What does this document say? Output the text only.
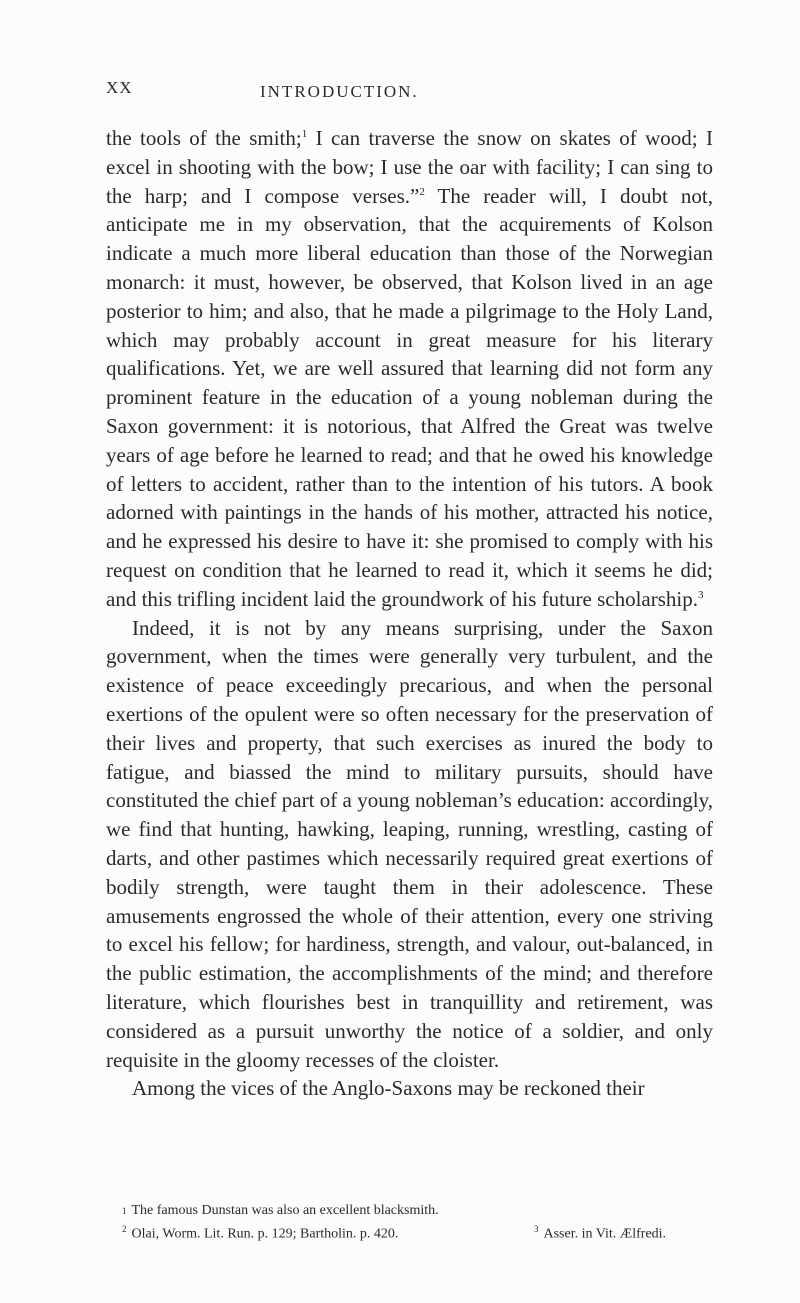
XX	INTRODUCTION.

the tools of the smith;$^1$ I can traverse the snow on skates of wood; I excel in shooting with the bow; I use the oar with facility; I can sing to the harp; and I compose verses.”$^2$ The reader will, I doubt not, anticipate me in my observation, that the acquirements of Kolson indicate a much more liberal education than those of the Norwegian monarch: it must, however, be observed, that Kolson lived in an age posterior to him; and also, that he made a pilgrimage to the Holy Land, which may probably account in great measure for his literary qualifications. Yet, we are well assured that learning did not form any prominent feature in the education of a young nobleman during the Saxon government: it is notorious, that Alfred the Great was twelve years of age before he learned to read; and that he owed his knowledge of letters to accident, rather than to the intention of his tutors. A book adorned with paintings in the hands of his mother, attracted his notice, and he expressed his desire to have it: she promised to comply with his request on condition that he learned to read it, which it seems he did; and this trifling incident laid the groundwork of his future scholarship.$^3$

Indeed, it is not by any means surprising, under the Saxon government, when the times were generally very turbulent, and the existence of peace exceedingly precarious, and when the personal exertions of the opulent were so often necessary for the preservation of their lives and property, that such exercises as inured the body to fatigue, and biassed the mind to military pursuits, should have constituted the chief part of a young nobleman’s education: accordingly, we find that hunting, hawking, leaping, running, wrestling, casting of darts, and other pastimes which necessarily required great exertions of bodily strength, were taught them in their adolescence. These amusements engrossed the whole of their attention, every one striving to excel his fellow; for hardiness, strength, and valour, out-balanced, in the public estimation, the accomplishments of the mind; and therefore literature, which flourishes best in tranquillity and retirement, was considered as a pursuit unworthy the notice of a soldier, and only requisite in the gloomy recesses of the cloister.

Among the vices of the Anglo-Saxons may be reckoned their

1 The famous Dunstan was also an excellent blacksmith.
$^2$ Olai, Worm. Lit. Run. p. 129; Bartholin. p. 420.	$^3$ Asser. in Vit. Ælfredi.
